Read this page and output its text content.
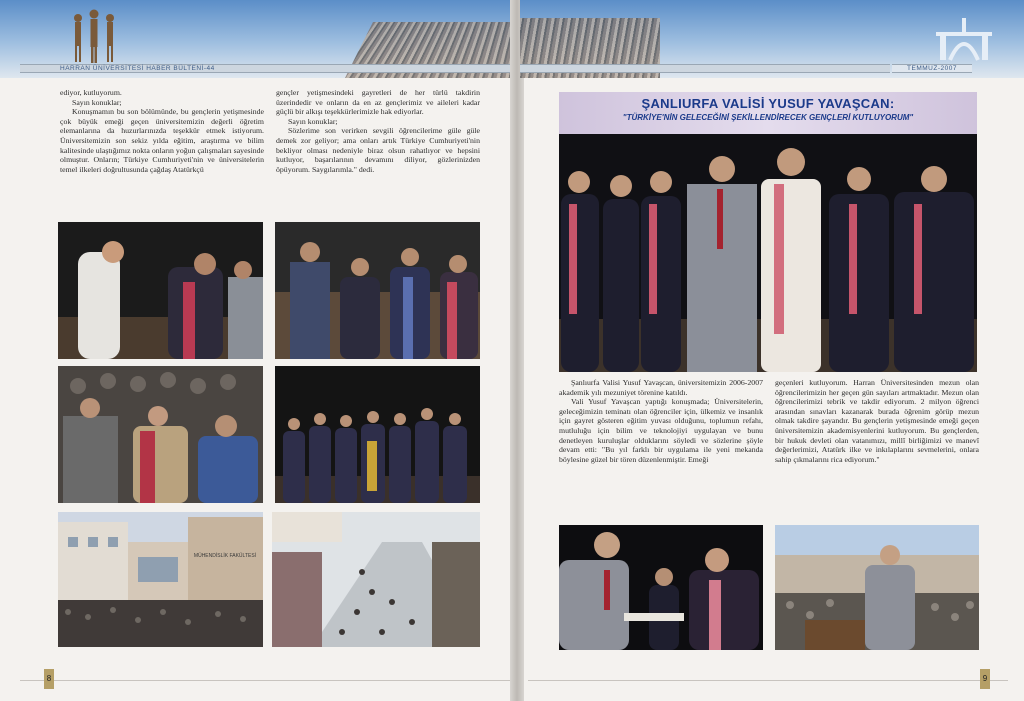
HARRAN ÜNİVERSİTESİ HABER BÜLTENİ-44

ediyor, kutluyorum.

Sayın konuklar;

Konuşmamın bu son bölümünde, bu gençlerin yetişmesinde çok büyük emeği geçen üniversitemizin değerli öğretim elemanlarına da huzurlarınızda teşekkür etmek istiyorum. Üniversitemizin son sekiz yılda eğitim, araştırma ve bilim kalitesinde ulaştığımız nokta onların yoğun çalışmaları sayesinde olmuştur. Onların; Türkiye Cumhuriyeti'nin ve üniversitelerin temel ilkeleri doğrultusunda çağdaş Atatürkçü

gençler yetişmesindeki gayretleri de her türlü takdirin üzerindedir ve onların da en az gençlerimiz ve aileleri kadar güçlü bir alkışı teşekkürlerimizle hak ediyorlar.

Sayın konuklar;

Sözlerime son verirken sevgili öğrencilerime güle güle demek zor geliyor; ama onları artık Türkiye Cumhuriyeti'nin bekliyor olması nedeniyle biraz olsun rahatlıyor ve hepsini kutluyor, başarılarının devamını diliyor, gözlerinizden öpüyorum. Saygılarımla." dedi.

MÜHENDİSLİK FAKÜLTESİ
8
TEMMUZ-2007
ŞANLIURFA VALİSİ YUSUF YAVAŞCAN:
"TÜRKİYE'NİN GELECEĞİNİ ŞEKİLLENDİRECEK GENÇLERİ KUTLUYORUM"

Şanlıurfa Valisi Yusuf Yavaşcan, üniversitemizin 2006-2007 akademik yılı mezuniyet törenine katıldı.

Vali Yusuf Yavaşcan yaptığı konuşmada; Üniversitelerin, geleceğimizin teminatı olan öğrenciler için, ülkemiz ve insanlık için gayret gösteren eğitim yuvası olduğunu, toplumun refahı, mutluluğu için bilim ve teknolojiyi uygulayan ve bunu denetleyen kuruluşlar olduklarını söyledi ve sözlerine şöyle devam etti: "Bu yıl farklı bir uygulama ile yeni mekanda böylesine güzel bir tören düzenlenmiştir. Emeği

geçenleri kutluyorum. Harran Üniversitesinden mezun olan öğrencilerimizin her geçen gün sayıları artmaktadır. Mezun olan öğrencilerimizi tebrik ve takdir ediyorum. 2 milyon öğrenci arasından sınavları kazanarak burada öğrenim görüp mezun olmak takdire şayandır. Bu gençlerin yetişmesinde emeği geçen üniversitemizin akademisyenlerini kutluyorum. Bu gençlerden, bir hukuk devleti olan vatanımızı, millî birliğimizi ve manevî değerlerimizi, Atatürk ilke ve inkılaplarını sevmelerini, onlara sahip çıkmalarını rica ediyorum."

9
